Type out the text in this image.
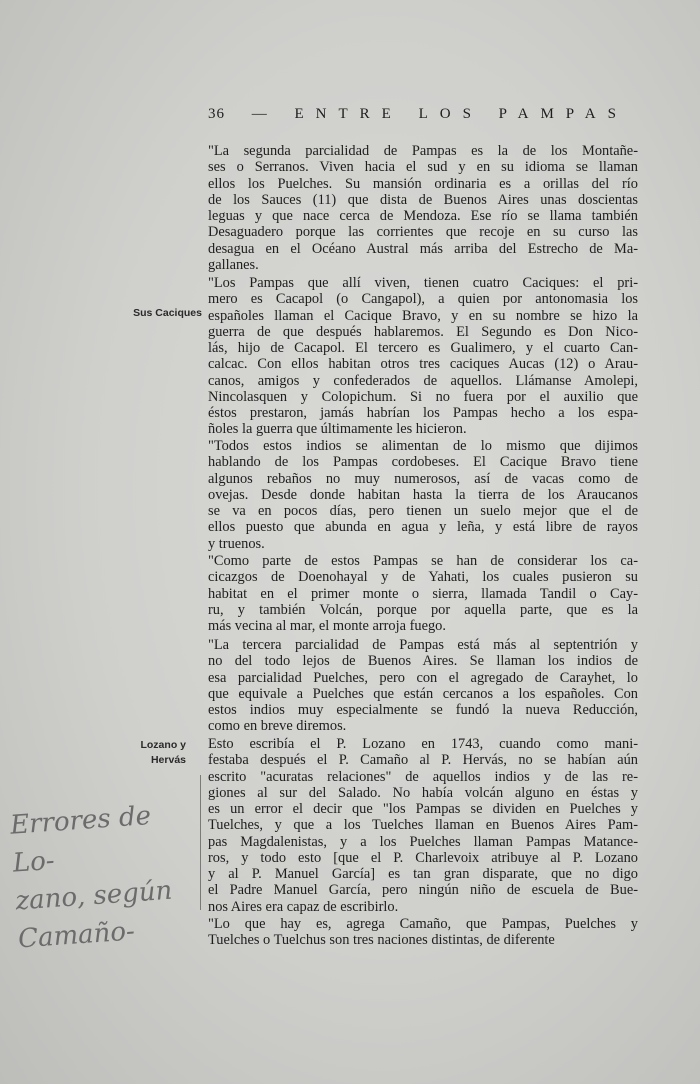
36 — ENTRE LOS PAMPAS
Sus Caciques
Lozano y
Hervás
Errores de Lo-
zano, según
Camaño-
"La segunda parcialidad de Pampas es la de los Montañe-
ses o Serranos. Viven hacia el sud y en su idioma se llaman
ellos los Puelches. Su mansión ordinaria es a orillas del río
de los Sauces (11) que dista de Buenos Aires unas doscientas
leguas y que nace cerca de Mendoza. Ese río se llama también
Desaguadero porque las corrientes que recoje en su curso las
desagua en el Océano Austral más arriba del Estrecho de Ma-
gallanes.
"Los Pampas que allí viven, tienen cuatro Caciques: el pri-
mero es Cacapol (o Cangapol), a quien por antonomasia los
españoles llaman el Cacique Bravo, y en su nombre se hizo la
guerra de que después hablaremos. El Segundo es Don Nico-
lás, hijo de Cacapol. El tercero es Gualimero, y el cuarto Can-
calcac. Con ellos habitan otros tres caciques Aucas (12) o Arau-
canos, amigos y confederados de aquellos. Llámanse Amolepi,
Nincolasquen y Colopichum. Si no fuera por el auxilio que
éstos prestaron, jamás habrían los Pampas hecho a los espa-
ñoles la guerra que últimamente les hicieron.
"Todos estos indios se alimentan de lo mismo que dijimos
hablando de los Pampas cordobeses. El Cacique Bravo tiene
algunos rebaños no muy numerosos, así de vacas como de
ovejas. Desde donde habitan hasta la tierra de los Araucanos
se va en pocos días, pero tienen un suelo mejor que el de
ellos puesto que abunda en agua y leña, y está libre de rayos
y truenos.
"Como parte de estos Pampas se han de considerar los ca-
cicazgos de Doenohayal y de Yahati, los cuales pusieron su
habitat en el primer monte o sierra, llamada Tandil o Cay-
ru, y también Volcán, porque por aquella parte, que es la
más vecina al mar, el monte arroja fuego.
"La tercera parcialidad de Pampas está más al septentrión y
no del todo lejos de Buenos Aires. Se llaman los indios de
esa parcialidad Puelches, pero con el agregado de Carayhet, lo
que equivale a Puelches que están cercanos a los españoles. Con
estos indios muy especialmente se fundó la nueva Reducción,
como en breve diremos.
Esto escribía el P. Lozano en 1743, cuando como mani-
festaba después el P. Camaño al P. Hervás, no se habían aún
escrito "acuratas relaciones" de aquellos indios y de las re-
giones al sur del Salado. No había volcán alguno en éstas y
es un error el decir que "los Pampas se dividen en Puelches y
Tuelches, y que a los Tuelches llaman en Buenos Aires Pam-
pas Magdalenistas, y a los Puelches llaman Pampas Matance-
ros, y todo esto [que el P. Charlevoix atribuye al P. Lozano
y al P. Manuel García] es tan gran disparate, que no digo
el Padre Manuel García, pero ningún niño de escuela de Bue-
nos Aires era capaz de escribirlo.
"Lo que hay es, agrega Camaño, que Pampas, Puelches y
Tuelches o Tuelchus son tres naciones distintas, de diferente
